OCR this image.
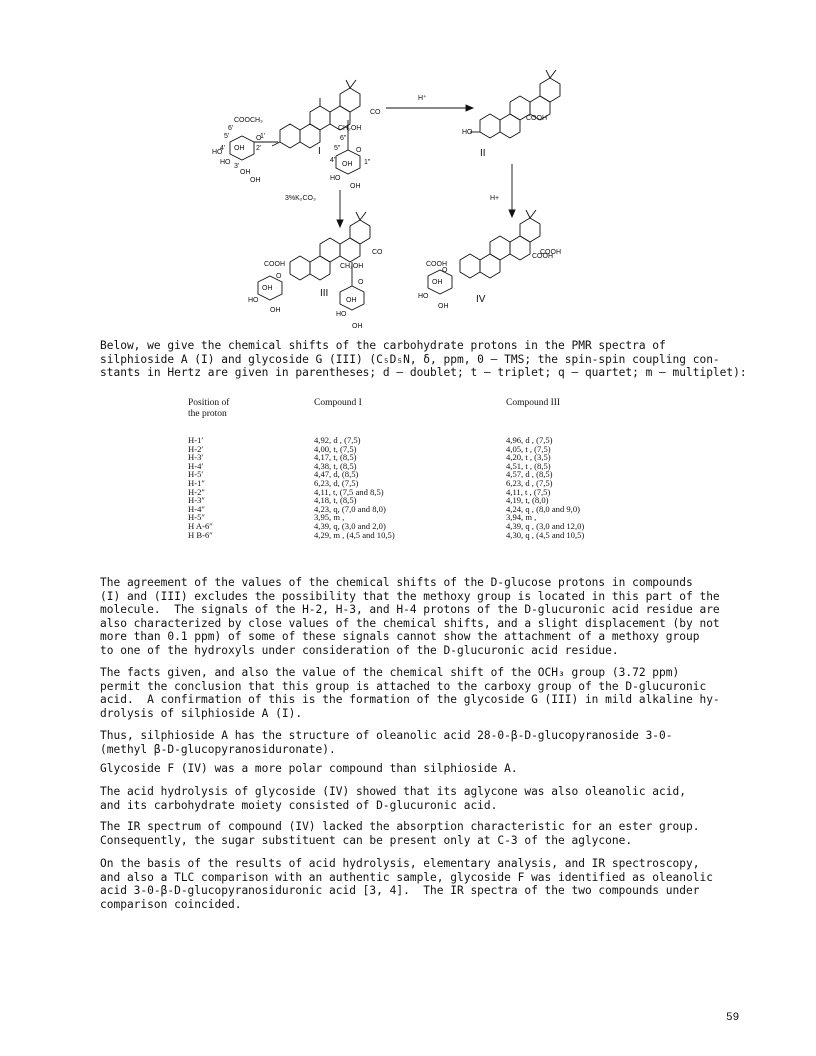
I	II
III
IV
H⁺
3%K₂CO₃	H+
COOCH₃
CO
CH₂OH
COOH
COOH	COOH
CO
CH₂OH
COOH
COOH
OH
HO
OH
OH
HO
OH
HO
OH
HO
OH
OH
HO
OH
OH
HO
OH
HO
OH
O
O
O
O
O
6'
5'
4'
3'
2'
1'	6"
5"
4"	1"
Below, we give the chemical shifts of the carbohydrate protons in the PMR spectra of
silphioside A (I) and glycoside G (III) (C₅D₅N, δ, ppm, 0 — TMS; the spin-spin coupling con-
stants in Hertz are given in parentheses; d — doublet; t — triplet; q — quartet; m — multiplet):
Position of
the proton
Compound I	Compound III
H-1′	4,92, d , (7,5)	4,96, d , (7,5)
H-2′	4,00, t, (7,5)	4,05, t , (7,5)
H-3′	4,17, t, (8,5)	4,20, t , (3,5)
H-4′	4,38, t, (8,5)	4,51, t , (8,5)
H-5′	4,47, d, (8,5)	4,57, d , (8,5)
H-1″	6,23, d, (7,5)	6,23, d , (7,5)
H-2″	4,11, t, (7,5 and 8,5)	4,11, t , (7,5)
H-3″	4,18, t, (8,5)	4,19, t, (8,0)
H-4″	4,23, q, (7,0 and 8,0)	4,24, q , (8,0 and 9,0)
H-5″	3,95, m ,	3,94, m ,
H A-6″	4,39, q, (3,0 and 2,0)	4,39, q , (3,0 and 12,0)
H B-6″	4,29, m , (4,5 and 10,5)	4,30, q , (4,5 and 10,5)
The agreement of the values of the chemical shifts of the D-glucose protons in compounds
(I) and (III) excludes the possibility that the methoxy group is located in this part of the
molecule.  The signals of the H-2, H-3, and H-4 protons of the D-glucuronic acid residue are
also characterized by close values of the chemical shifts, and a slight displacement (by not
more than 0.1 ppm) of some of these signals cannot show the attachment of a methoxy group
to one of the hydroxyls under consideration of the D-glucuronic acid residue.
The facts given, and also the value of the chemical shift of the OCH₃ group (3.72 ppm)
permit the conclusion that this group is attached to the carboxy group of the D-glucuronic
acid.  A confirmation of this is the formation of the glycoside G (III) in mild alkaline hy-
drolysis of silphioside A (I).
Thus, silphioside A has the structure of oleanolic acid 28-0-β-D-glucopyranoside 3-0-
(methyl β-D-glucopyranosiduronate).
Glycoside F (IV) was a more polar compound than silphioside A.
The acid hydrolysis of glycoside (IV) showed that its aglycone was also oleanolic acid,
and its carbohydrate moiety consisted of D-glucuronic acid.
The IR spectrum of compound (IV) lacked the absorption characteristic for an ester group.
Consequently, the sugar substituent can be present only at C-3 of the aglycone.
On the basis of the results of acid hydrolysis, elementary analysis, and IR spectroscopy,
and also a TLC comparison with an authentic sample, glycoside F was identified as oleanolic
acid 3-0-β-D-glucopyranosiduronic acid [3, 4].  The IR spectra of the two compounds under
comparison coincided.
59
